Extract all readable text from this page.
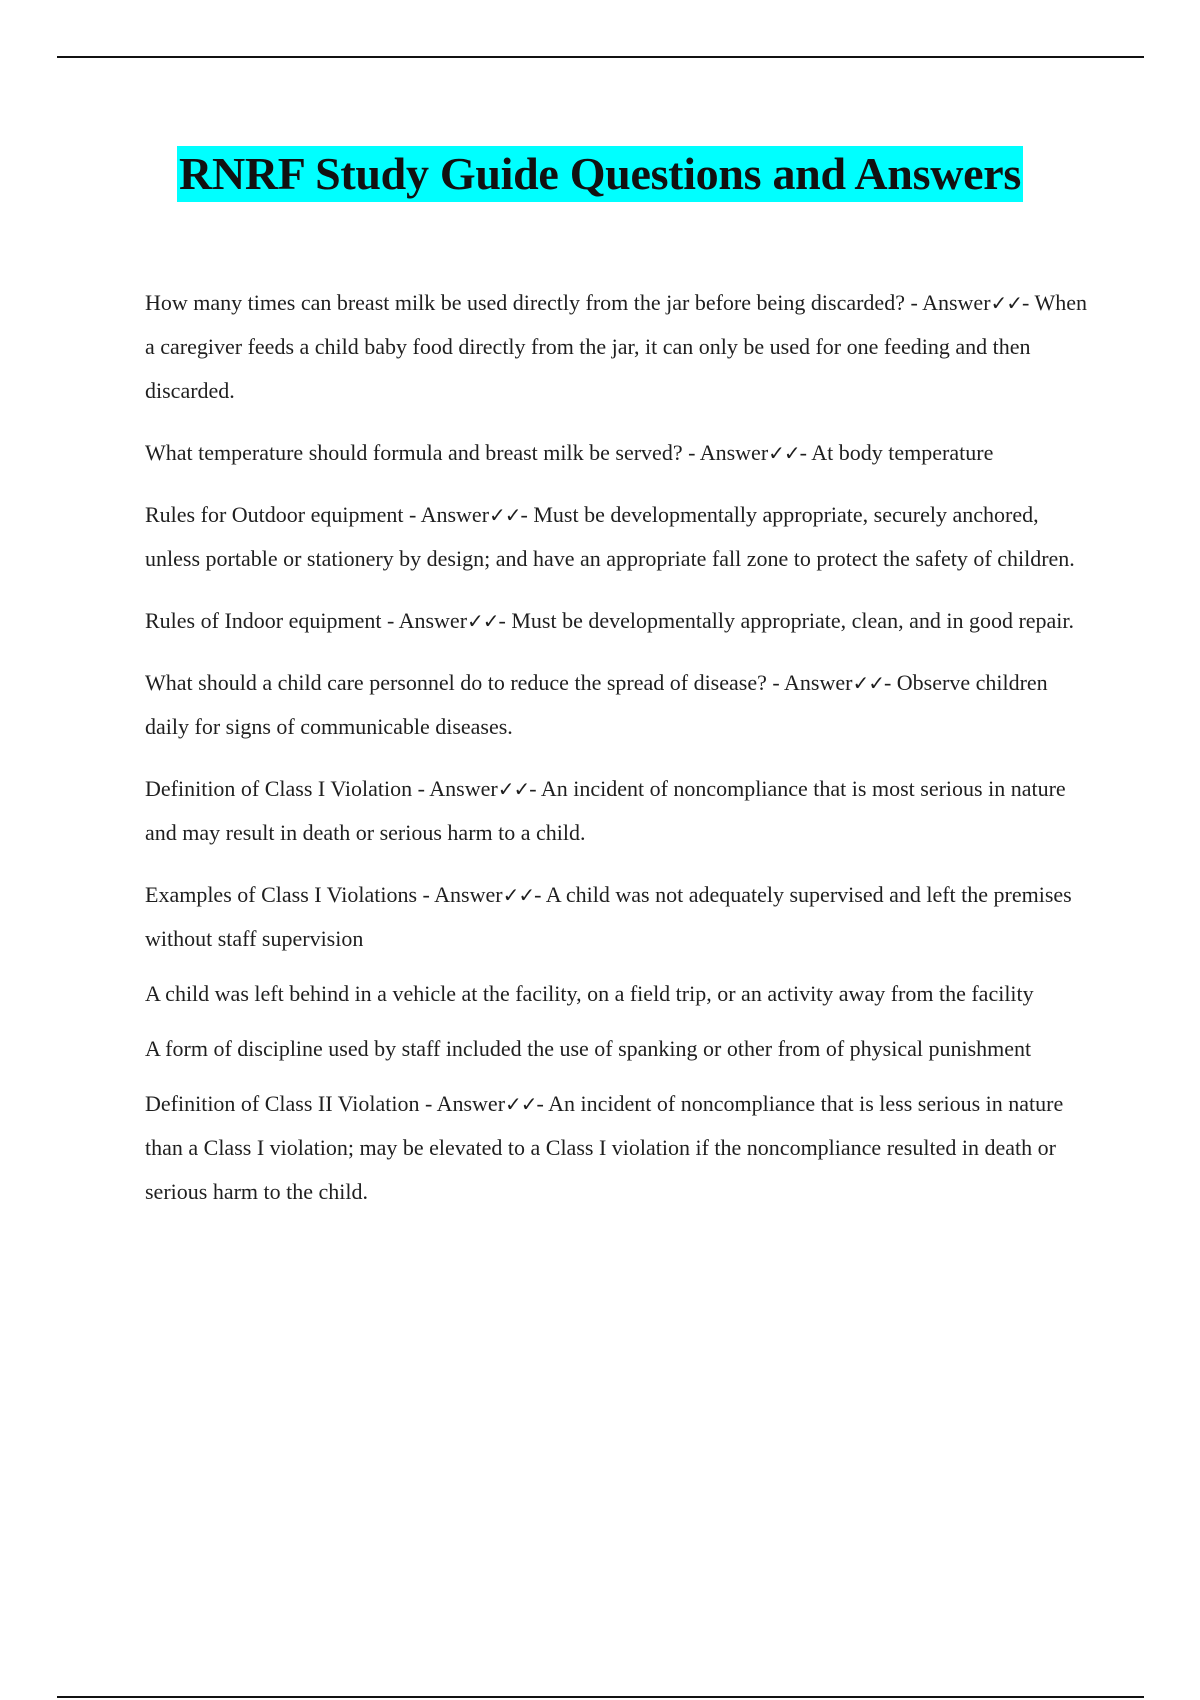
RNRF Study Guide Questions and Answers

How many times can breast milk be used directly from the jar before being discarded? - Answer✓✓- When a caregiver feeds a child baby food directly from the jar, it can only be used for one feeding and then discarded.

What temperature should formula and breast milk be served? - Answer✓✓- At body temperature

Rules for Outdoor equipment - Answer✓✓- Must be developmentally appropriate, securely anchored, unless portable or stationery by design; and have an appropriate fall zone to protect the safety of children.

Rules of Indoor equipment - Answer✓✓- Must be developmentally appropriate, clean, and in good repair.

What should a child care personnel do to reduce the spread of disease? - Answer✓✓- Observe children daily for signs of communicable diseases.

Definition of Class I Violation - Answer✓✓- An incident of noncompliance that is most serious in nature and may result in death or serious harm to a child.

Examples of Class I Violations - Answer✓✓- A child was not adequately supervised and left the premises without staff supervision

A child was left behind in a vehicle at the facility, on a field trip, or an activity away from the facility

A form of discipline used by staff included the use of spanking or other from of physical punishment

Definition of Class II Violation - Answer✓✓- An incident of noncompliance that is less serious in nature than a Class I violation; may be elevated to a Class I violation if the noncompliance resulted in death or serious harm to the child.
